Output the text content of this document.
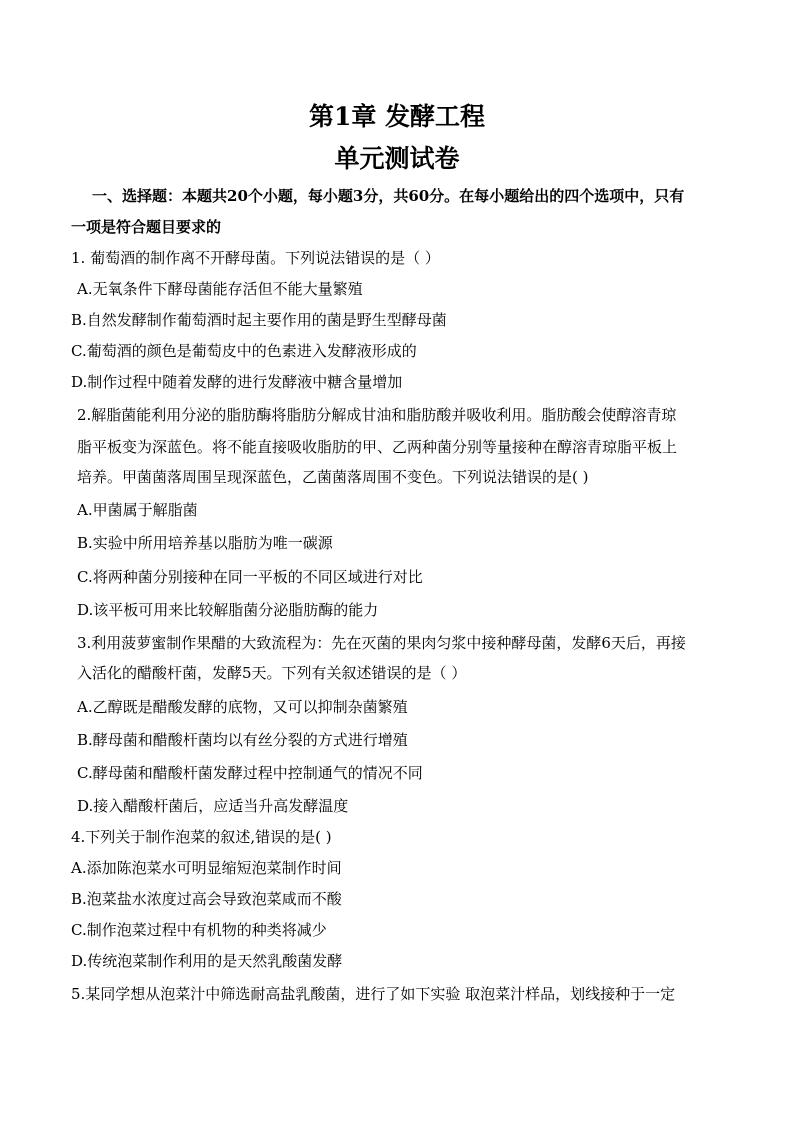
第1章 发酵工程
单元测试卷
一、选择题：本题共20个小题，每小题3分，共60分。在每小题给出的四个选项中，只有
一项是符合题目要求的
1. 葡萄酒的制作离不开酵母菌。下列说法错误的是（ ）
A.无氧条件下酵母菌能存活但不能大量繁殖
B.自然发酵制作葡萄酒时起主要作用的菌是野生型酵母菌
C.葡萄酒的颜色是葡萄皮中的色素进入发酵液形成的
D.制作过程中随着发酵的进行发酵液中糖含量增加
2.解脂菌能利用分泌的脂肪酶将脂肪分解成甘油和脂肪酸并吸收利用。脂肪酸会使醇溶青琼
脂平板变为深蓝色。将不能直接吸收脂肪的甲、乙两种菌分别等量接种在醇溶青琼脂平板上
培养。甲菌菌落周围呈现深蓝色，乙菌菌落周围不变色。下列说法错误的是( )
A.甲菌属于解脂菌
B.实验中所用培养基以脂肪为唯一碳源
C.将两种菌分别接种在同一平板的不同区域进行对比
D.该平板可用来比较解脂菌分泌脂肪酶的能力
3.利用菠萝蜜制作果醋的大致流程为：先在灭菌的果肉匀浆中接种酵母菌，发酵6天后，再接
入活化的醋酸杆菌，发酵5天。下列有关叙述错误的是（ ）
A.乙醇既是醋酸发酵的底物，又可以抑制杂菌繁殖
B.酵母菌和醋酸杆菌均以有丝分裂的方式进行增殖
C.酵母菌和醋酸杆菌发酵过程中控制通气的情况不同
D.接入醋酸杆菌后，应适当升高发酵温度
4.下列关于制作泡菜的叙述,错误的是( )
A.添加陈泡菜水可明显缩短泡菜制作时间
B.泡菜盐水浓度过高会导致泡菜咸而不酸
C.制作泡菜过程中有机物的种类将减少
D.传统泡菜制作利用的是天然乳酸菌发酵
5.某同学想从泡菜汁中筛选耐高盐乳酸菌，进行了如下实验 取泡菜汁样品，划线接种于一定
